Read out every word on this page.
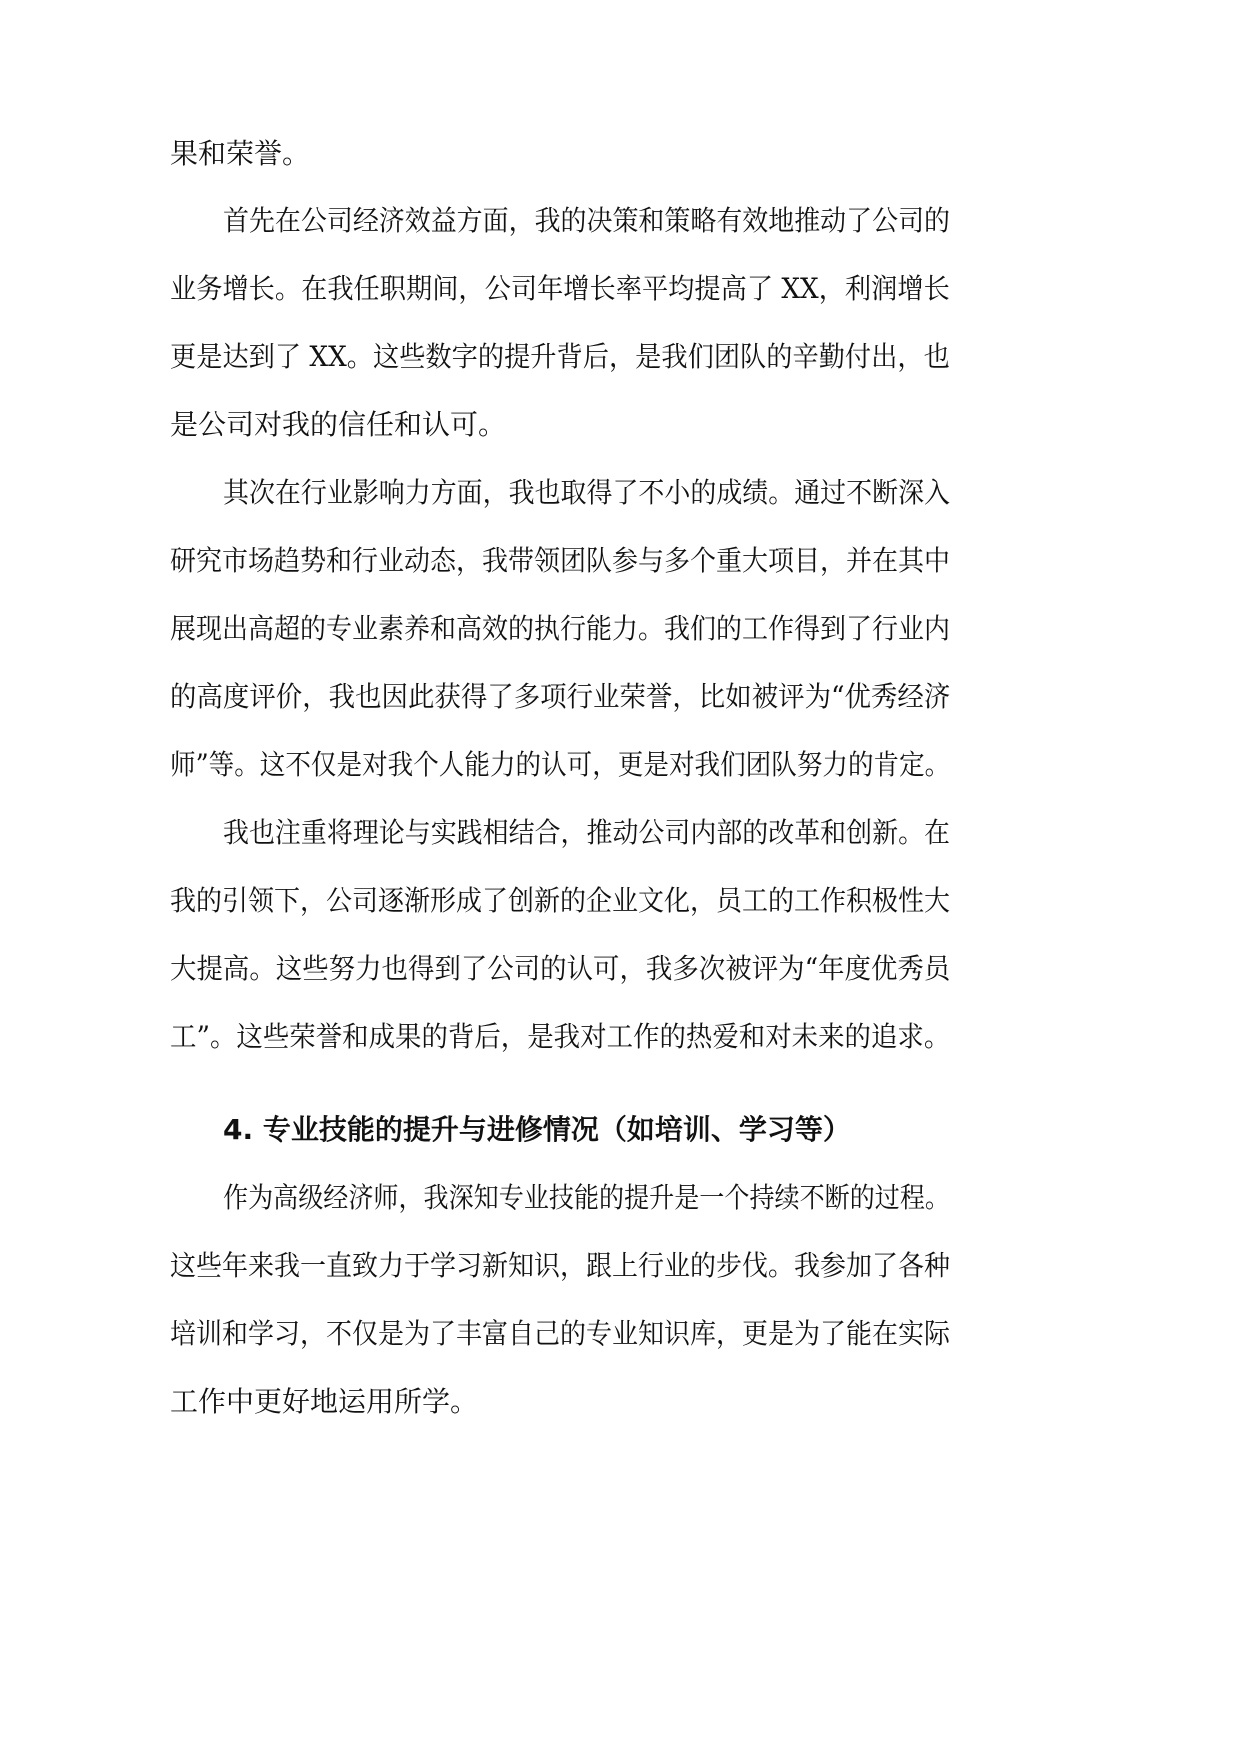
果和荣誉。
首先在公司经济效益方面，我的决策和策略有效地推动了公司的
业务增长。在我任职期间，公司年增长率平均提高了 XX，利润增长
更是达到了 XX。这些数字的提升背后，是我们团队的辛勤付出，也
是公司对我的信任和认可。
其次在行业影响力方面，我也取得了不小的成绩。通过不断深入
研究市场趋势和行业动态，我带领团队参与多个重大项目，并在其中
展现出高超的专业素养和高效的执行能力。我们的工作得到了行业内
的高度评价，我也因此获得了多项行业荣誉，比如被评为“优秀经济
师”等。这不仅是对我个人能力的认可，更是对我们团队努力的肯定。
我也注重将理论与实践相结合，推动公司内部的改革和创新。在
我的引领下，公司逐渐形成了创新的企业文化，员工的工作积极性大
大提高。这些努力也得到了公司的认可，我多次被评为“年度优秀员
工”。这些荣誉和成果的背后，是我对工作的热爱和对未来的追求。
4. 专业技能的提升与进修情况（如培训、学习等）
作为高级经济师，我深知专业技能的提升是一个持续不断的过程。
这些年来我一直致力于学习新知识，跟上行业的步伐。我参加了各种
培训和学习，不仅是为了丰富自己的专业知识库，更是为了能在实际
工作中更好地运用所学。
